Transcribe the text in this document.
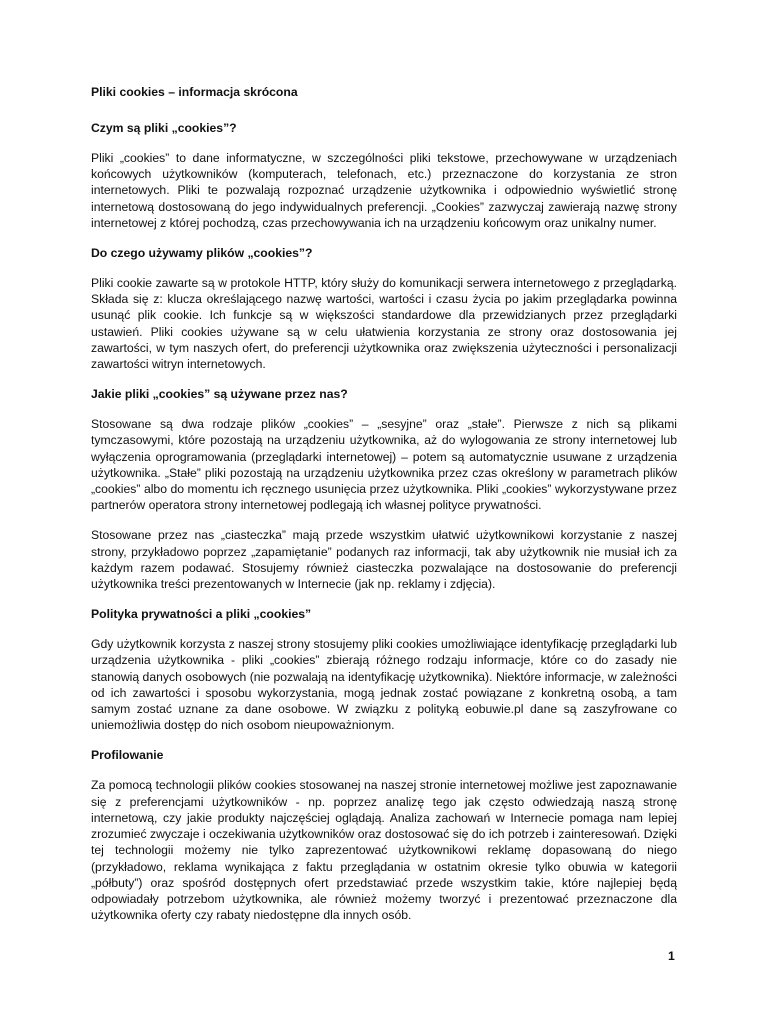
Pliki cookies – informacja skrócona
Czym są pliki „cookies”?

Pliki „cookies” to dane informatyczne, w szczególności pliki tekstowe, przechowywane w urządzeniach końcowych użytkowników (komputerach, telefonach, etc.) przeznaczone do korzystania ze stron internetowych. Pliki te pozwalają rozpoznać urządzenie użytkownika i odpowiednio wyświetlić stronę internetową dostosowaną do jego indywidualnych preferencji. „Cookies” zazwyczaj zawierają nazwę strony internetowej z której pochodzą, czas przechowywania ich na urządzeniu końcowym oraz unikalny numer.

Do czego używamy plików „cookies”?

Pliki cookie zawarte są w protokole HTTP, który służy do komunikacji serwera internetowego z przeglądarką. Składa się z: klucza określającego nazwę wartości, wartości i czasu życia po jakim przeglądarka powinna usunąć plik cookie. Ich funkcje są w większości standardowe dla przewidzianych przez przeglądarki ustawień. Pliki cookies używane są w celu ułatwienia korzystania ze strony oraz dostosowania jej zawartości, w tym naszych ofert, do preferencji użytkownika oraz zwiększenia użyteczności i personalizacji zawartości witryn internetowych.

Jakie pliki „cookies” są używane przez nas?

Stosowane są dwa rodzaje plików „cookies” – „sesyjne” oraz „stałe”. Pierwsze z nich są plikami tymczasowymi, które pozostają na urządzeniu użytkownika, aż do wylogowania ze strony internetowej lub wyłączenia oprogramowania (przeglądarki internetowej) – potem są automatycznie usuwane z urządzenia użytkownika. „Stałe” pliki pozostają na urządzeniu użytkownika przez czas określony w parametrach plików „cookies” albo do momentu ich ręcznego usunięcia przez użytkownika. Pliki „cookies” wykorzystywane przez partnerów operatora strony internetowej podlegają ich własnej polityce prywatności.

Stosowane przez nas „ciasteczka” mają przede wszystkim ułatwić użytkownikowi korzystanie z naszej strony, przykładowo poprzez „zapamiętanie” podanych raz informacji, tak aby użytkownik nie musiał ich za każdym razem podawać. Stosujemy również ciasteczka pozwalające na dostosowanie do preferencji użytkownika treści prezentowanych w Internecie (jak np. reklamy i zdjęcia).

Polityka prywatności a pliki „cookies”

Gdy użytkownik korzysta z naszej strony stosujemy pliki cookies umożliwiające identyfikację przeglądarki lub urządzenia użytkownika - pliki „cookies” zbierają różnego rodzaju informacje, które co do zasady nie stanowią danych osobowych (nie pozwalają na identyfikację użytkownika). Niektóre informacje, w zależności od ich zawartości i sposobu wykorzystania, mogą jednak zostać powiązane z konkretną osobą, a tam samym zostać uznane za dane osobowe. W związku z polityką eobuwie.pl dane są zaszyfrowane co uniemożliwia dostęp do nich osobom nieupoważnionym.

Profilowanie

Za pomocą technologii plików cookies stosowanej na naszej stronie internetowej możliwe jest zapoznawanie się z preferencjami użytkowników - np. poprzez analizę tego jak często odwiedzają naszą stronę internetową, czy jakie produkty najczęściej oglądają. Analiza zachowań w Internecie pomaga nam lepiej zrozumieć zwyczaje i oczekiwania użytkowników oraz dostosować się do ich potrzeb i zainteresowań. Dzięki tej technologii możemy nie tylko zaprezentować użytkownikowi reklamę dopasowaną do niego (przykładowo, reklama wynikająca z faktu przeglądania w ostatnim okresie tylko obuwia w kategorii „półbuty”) oraz spośród dostępnych ofert przedstawiać przede wszystkim takie, które najlepiej będą odpowiadały potrzebom użytkownika, ale również możemy tworzyć i prezentować przeznaczone dla użytkownika oferty czy rabaty niedostępne dla innych osób.

1
